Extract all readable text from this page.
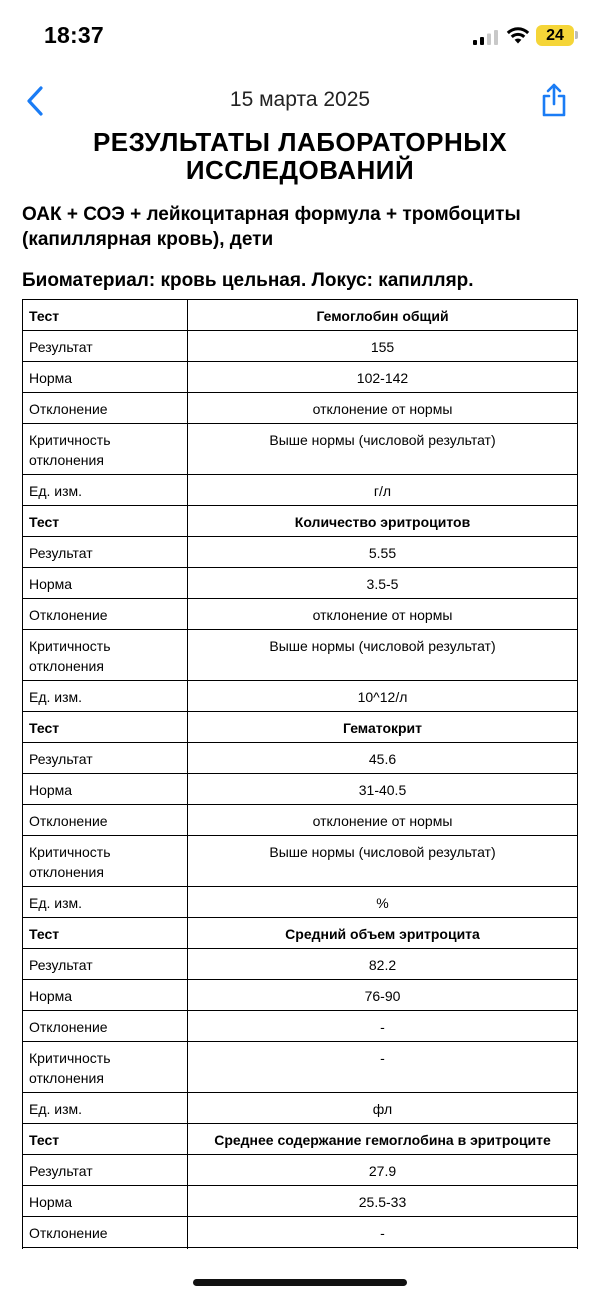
18:37	24
15 марта 2025
РЕЗУЛЬТАТЫ ЛАБОРАТОРНЫХ
ИССЛЕДОВАНИЙ
ОАК + СОЭ + лейкоцитарная формула + тромбоциты (капиллярная кровь), дети
Биоматериал: кровь цельная. Локус: капилляр.
Тест	Гемоглобин общий
Результат	155
Норма	102-142
Отклонение	отклонение от нормы

Критичность
отклонения	Выше нормы (числовой результат)
Ед. изм.	г/л
Тест	Количество эритроцитов
Результат	5.55
Норма	3.5-5
Отклонение	отклонение от нормы

Критичность
отклонения	Выше нормы (числовой результат)
Ед. изм.	10^12/л
Тест	Гематокрит
Результат	45.6
Норма	31-40.5
Отклонение	отклонение от нормы

Критичность
отклонения	Выше нормы (числовой результат)
Ед. изм.	%
Тест	Средний объем эритроцита
Результат	82.2
Норма	76-90
Отклонение	-

Критичность
отклонения	-
Ед. изм.	фл
Тест	Среднее содержание гемоглобина в эритроците
Результат	27.9
Норма	25.5-33
Отклонение	-
